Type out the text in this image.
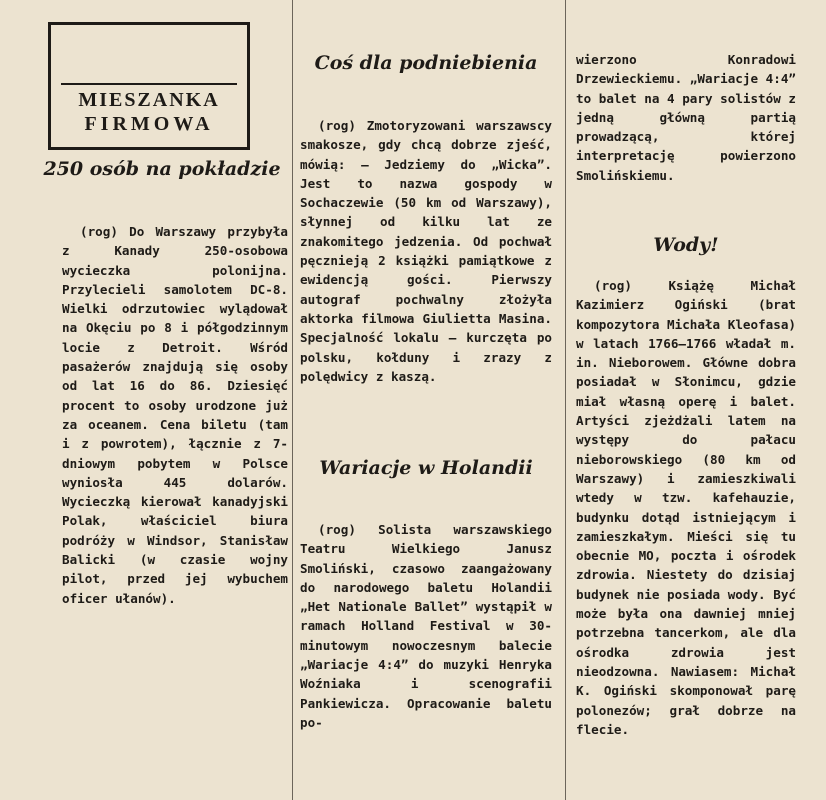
MIESZANKA
FIRMOWA
250 osób na pokładzie

(rog) Do Warszawy przybyła z Kanady 250-osobowa wycieczka polonijna. Przylecieli samolotem DC-8. Wielki odrzutowiec wylądował na Okęciu po 8 i półgodzinnym locie z Detroit. Wśród pasażerów znajdują się osoby od lat 16 do 86. Dziesięć procent to osoby urodzone już za oceanem. Cena biletu (tam i z powrotem), łącznie z 7-dniowym pobytem w Polsce wyniosła 445 dolarów. Wycieczką kierował kanadyjski Polak, właściciel biura podróży w Windsor, Stanisław Balicki (w czasie wojny pilot, przed jej wybuchem oficer ułanów).

Coś dla podniebienia

(rog) Zmotoryzowani warszawscy smakosze, gdy chcą dobrze zjeść, mówią: — Jedziemy do „Wicka”. Jest to nazwa gospody w Sochaczewie (50 km od Warszawy), słynnej od kilku lat ze znakomitego jedzenia. Od pochwał pęcznieją 2 książki pamiątkowe z ewidencją gości. Pierwszy autograf pochwalny złożyła aktorka filmowa Giulietta Masina. Specjalność lokalu — kurczęta po polsku, kołduny i zrazy z polędwicy z kaszą.

Wariacje w Holandii

(rog) Solista warszawskiego Teatru Wielkiego Janusz Smoliński, czasowo zaangażowany do narodowego baletu Holandii „Het Nationale Ballet” wystąpił w ramach Holland Festival w 30-minutowym nowoczesnym balecie „Wariacje 4:4” do muzyki Henryka Woźniaka i scenografii Pankiewicza. Opracowanie baletu po-

wierzono Konradowi Drzewieckiemu. „Wariacje 4:4” to balet na 4 pary solistów z jedną główną partią prowadzącą, której interpretację powierzono Smolińskiemu.

Wody!

(rog) Książę Michał Kazimierz Ogiński (brat kompozytora Michała Kleofasa) w latach 1766—1766 władał m. in. Nieborowem. Główne dobra posiadał w Słonimcu, gdzie miał własną operę i balet. Artyści zjeżdżali latem na występy do pałacu nieborowskiego (80 km od Warszawy) i zamieszkiwali wtedy w tzw. kafehauzie, budynku dotąd istniejącym i zamieszkałym. Mieści się tu obecnie MO, poczta i ośrodek zdrowia. Niestety do dzisiaj budynek nie posiada wody. Być może była ona dawniej mniej potrzebna tancerkom, ale dla ośrodka zdrowia jest nieodzowna. Nawiasem: Michał K. Ogiński skomponował parę polonezów; grał dobrze na flecie.
